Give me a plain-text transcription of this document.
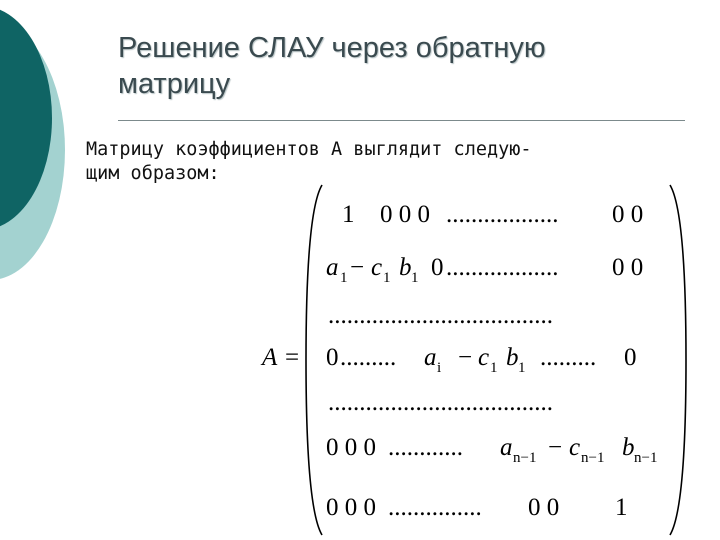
Решение СЛАУ через обратную
матрицу
Матрицу коэффициентов A выглядит следую-
щим образом:
A =
1 0 0 0 .................. 0 0
a 1 − c 1 b 1 0 .................. 0 0
....................................
0 ......... a i − c 1 b 1 ......... 0
....................................
0 0 0 ............ a n−1 − c n−1 b n−1
0 0 0 ............... 0 0 1
